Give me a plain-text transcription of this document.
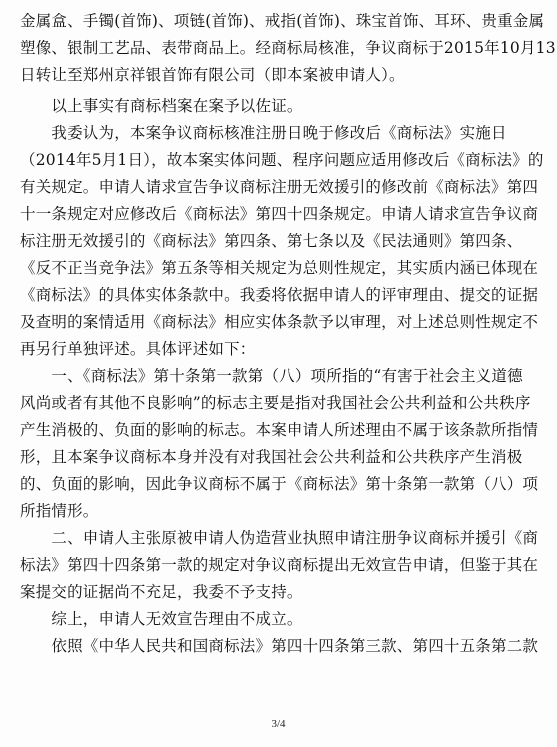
金属盒、手镯(首饰)、项链(首饰)、戒指(首饰)、珠宝首饰、耳环、贵重金属
塑像、银制工艺品、表带商品上。经商标局核准，争议商标于2015年10月13
日转让至郑州京祥银首饰有限公司（即本案被申请人）。
　　以上事实有商标档案在案予以佐证。
　　我委认为，本案争议商标核准注册日晚于修改后《商标法》实施日
（2014年5月1日），故本案实体问题、程序问题应适用修改后《商标法》的
有关规定。申请人请求宣告争议商标注册无效援引的修改前《商标法》第四
十一条规定对应修改后《商标法》第四十四条规定。申请人请求宣告争议商
标注册无效援引的《商标法》第四条、第七条以及《民法通则》第四条、
《反不正当竞争法》第五条等相关规定为总则性规定，其实质内涵已体现在
《商标法》的具体实体条款中。我委将依据申请人的评审理由、提交的证据
及查明的案情适用《商标法》相应实体条款予以审理，对上述总则性规定不
再另行单独评述。具体评述如下：
　　一、《商标法》第十条第一款第（八）项所指的“有害于社会主义道德
风尚或者有其他不良影响”的标志主要是指对我国社会公共利益和公共秩序
产生消极的、负面的影响的标志。本案申请人所述理由不属于该条款所指情
形，且本案争议商标本身并没有对我国社会公共利益和公共秩序产生消极
的、负面的影响，因此争议商标不属于《商标法》第十条第一款第（八）项
所指情形。
　　二、申请人主张原被申请人伪造营业执照申请注册争议商标并援引《商
标法》第四十四条第一款的规定对争议商标提出无效宣告申请，但鉴于其在
案提交的证据尚不充足，我委不予支持。
　　综上，申请人无效宣告理由不成立。
　　依照《中华人民共和国商标法》第四十四条第三款、第四十五条第二款
3/4
